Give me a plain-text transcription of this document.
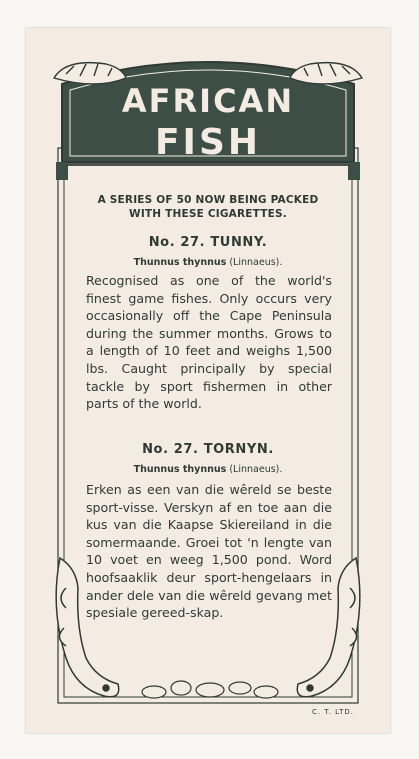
AFRICAN
FISH
A SERIES OF 50 NOW BEING PACKED
WITH THESE CIGARETTES.
No. 27. TUNNY.
Thunnus thynnus (Linnaeus).
Recognised as one of the world's finest game fishes. Only occurs very occasionally off the Cape Peninsula during the summer months. Grows to a length of 10 feet and weighs 1,500 lbs. Caught principally by special tackle by sport fishermen in other parts of the world.
No. 27. TORNYN.
Thunnus thynnus (Linnaeus).
Erken as een van die wêreld se beste sport-visse. Verskyn af en toe aan die kus van die Kaapse Skiereiland in die somermaande. Groei tot 'n lengte van 10 voet en weeg 1,500 pond. Word hoofsaaklik deur sport-hengelaars in ander dele van die wêreld gevang met spesiale gereed-skap.
C. T. LTD.
